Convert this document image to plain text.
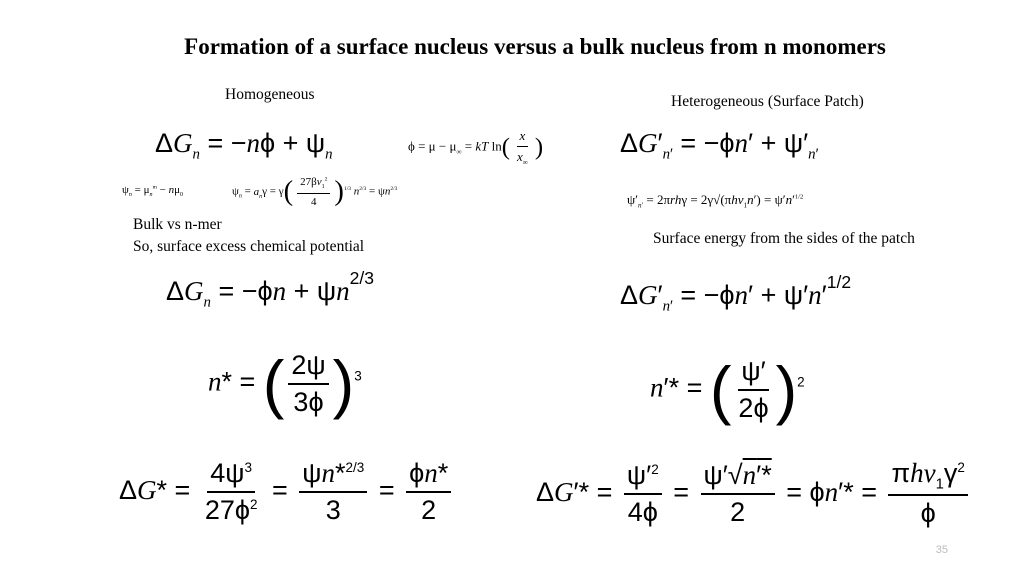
Formation of a surface nucleus versus a bulk nucleus from n monomers
Homogeneous	Heterogeneous (Surface Patch)
Bulk vs n-mer
So, surface excess chemical potential	Surface energy from the sides of the patch
$\Delta G_n = -n\phi + \psi_n$
$\phi = \mu - \mu_\infty$ = kT $\ln( \frac{x}{x_\infty}$ )
$\psi_n = \mu_n^m - n\mu_0$	$\psi_n = a_n\gamma = \gamma( \frac{27\beta v_1^2}{4} )^{1/3}$ $n^{2/3} = \psi n^{2/3}$
$\Delta G_n = -\phi n + \psi n^{2/3}$
n* = ( $\frac{2\psi}{3\phi} )^3$
$\Delta G* = \frac{4\psi^3}{27\phi^2} = \frac{\psi n*^{2/3}}{3} = \frac{\phi n*}{2}$
$\Delta G'_{n'} = -\phi n' + \psi'_{n'}$
$\psi'_{n'} = 2\pi rh\gamma = 2\gamma√(\pi hv_1n') = \psi'n'^{1/2}$
$\Delta G'_{n'} = -\phi n' + \psi'n'^{1/2}$
n′* = ( $\frac{\psi'}{2\phi} )^2$
$\Delta G'* = \frac{\psi'^2}{4\phi} = \frac{\psi'√n'*}{2} = \phi n'* = \frac{\pi hv_1\gamma^2}{\phi}$
35
